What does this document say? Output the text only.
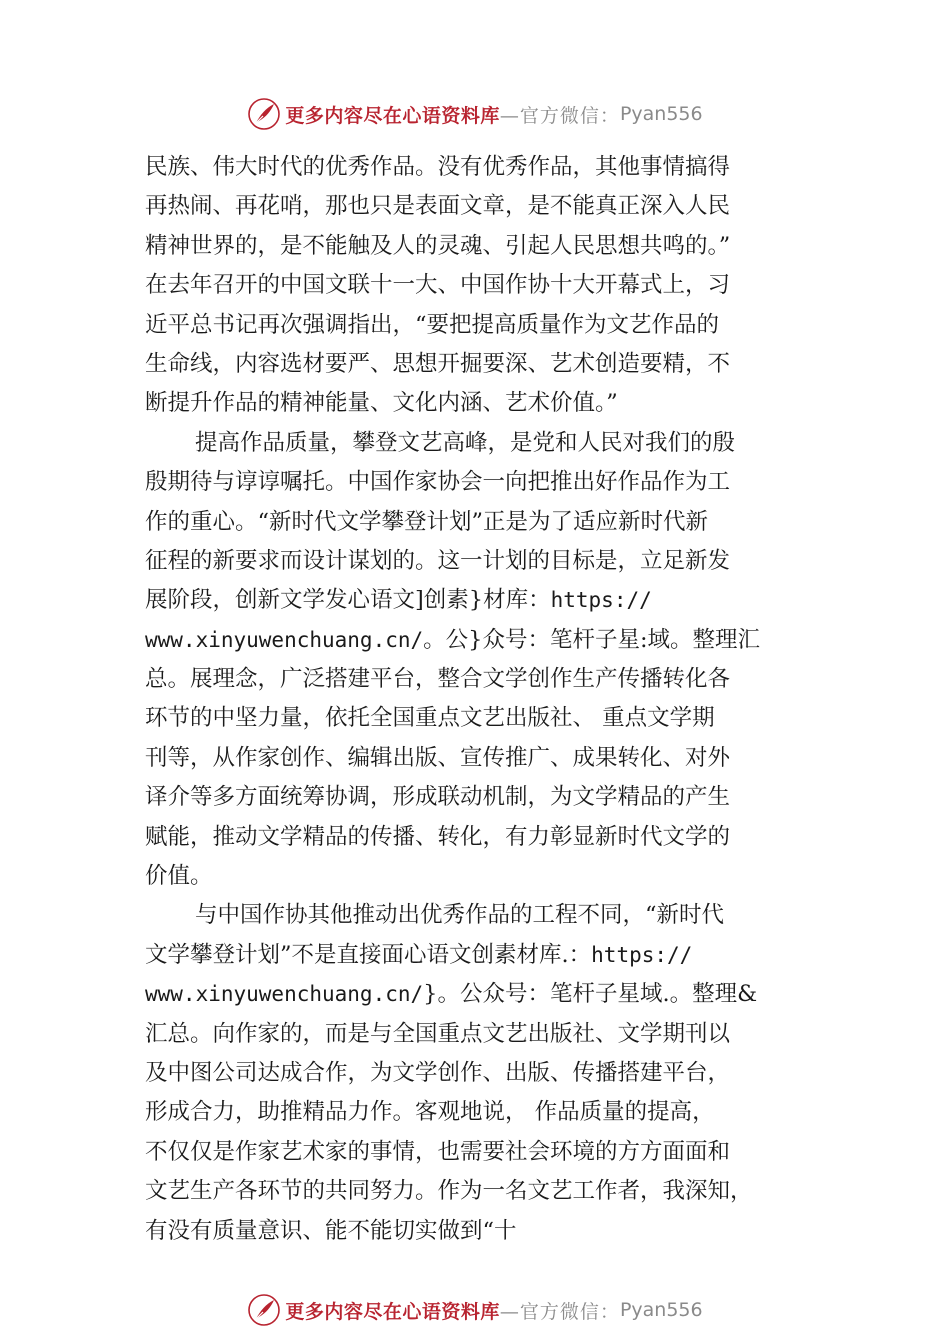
更多内容尽在心语资料库 —官方微信： Pyan556
民族、伟大时代的优秀作品。没有优秀作品，其他事情搞得
再热闹、再花哨，那也只是表面文章，是不能真正深入人民
精神世界的，是不能触及人的灵魂、引起人民思想共鸣的。”
在去年召开的中国文联十一大、中国作协十大开幕式上，习
近平总书记再次强调指出，“要把提高质量作为文艺作品的
生命线，内容选材要严、思想开掘要深、艺术创造要精，不
断提升作品的精神能量、文化内涵、艺术价值。”
提高作品质量，攀登文艺高峰，是党和人民对我们的殷
殷期待与谆谆嘱托。中国作家协会一向把推出好作品作为工
作的重心。“新时代文学攀登计划”正是为了适应新时代新
征程的新要求而设计谋划的。这一计划的目标是，立足新发
展阶段，创新文学发心语文]创素}材库：https://
www.xinyuwenchuang.cn/。公}众号：笔杆子星:域。整理汇
总。展理念，广泛搭建平台，整合文学创作生产传播转化各
环节的中坚力量，依托全国重点文艺出版社、 重点文学期
刊等，从作家创作、编辑出版、宣传推广、成果转化、对外
译介等多方面统筹协调，形成联动机制，为文学精品的产生
赋能，推动文学精品的传播、转化，有力彰显新时代文学的
价值。
与中国作协其他推动出优秀作品的工程不同，“新时代
文学攀登计划”不是直接面心语文创素材库.：https://
www.xinyuwenchuang.cn/}。公众号：笔杆子星域.。整理&
汇总。向作家的，而是与全国重点文艺出版社、文学期刊以
及中图公司达成合作，为文学创作、出版、传播搭建平台，
形成合力，助推精品力作。客观地说， 作品质量的提高，
不仅仅是作家艺术家的事情，也需要社会环境的方方面面和
文艺生产各环节的共同努力。作为一名文艺工作者，我深知，
有没有质量意识、能不能切实做到“十
更多内容尽在心语资料库 —官方微信： Pyan556
